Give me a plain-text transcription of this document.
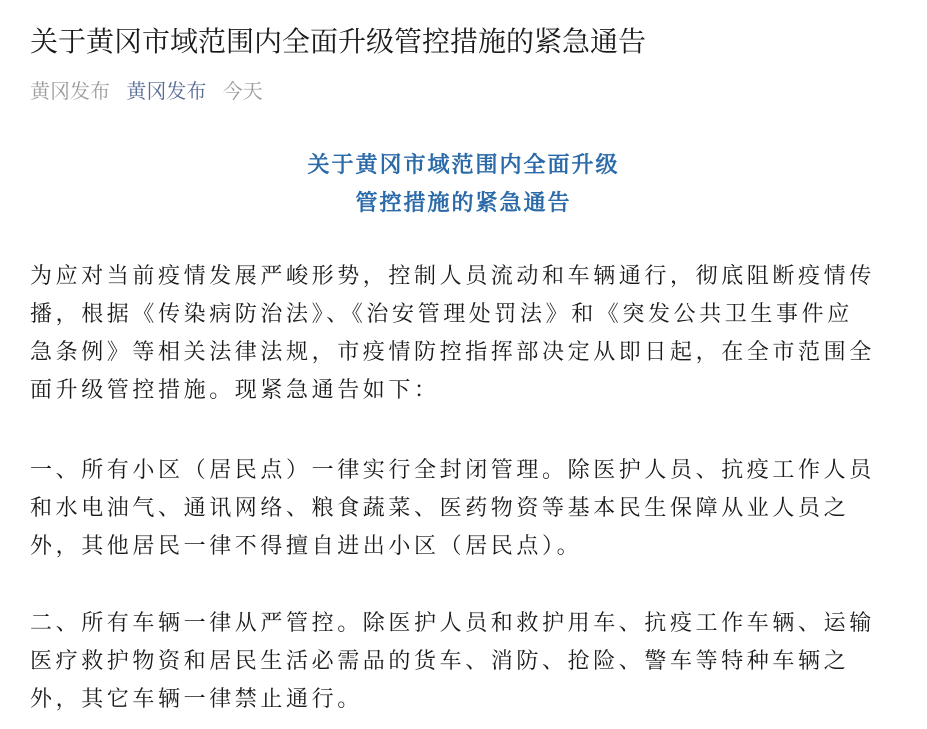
关于黄冈市域范围内全面升级管控措施的紧急通告
黄冈发布 黄冈发布 今天

关于黄冈市域范围内全面升级

管控措施的紧急通告

为应对当前疫情发展严峻形势，控制人员流动和车辆通行，彻底阻断疫情传
播，根据《传染病防治法》、《治安管理处罚法》和《突发公共卫生事件应
急条例》等相关法律法规，市疫情防控指挥部决定从即日起，在全市范围全
面升级管控措施。现紧急通告如下：

一、所有小区（居民点）一律实行全封闭管理。除医护人员、抗疫工作人员
和水电油气、通讯网络、粮食蔬菜、医药物资等基本民生保障从业人员之
外，其他居民一律不得擅自进出小区（居民点）。

二、所有车辆一律从严管控。除医护人员和救护用车、抗疫工作车辆、运输
医疗救护物资和居民生活必需品的货车、消防、抢险、警车等特种车辆之
外，其它车辆一律禁止通行。
